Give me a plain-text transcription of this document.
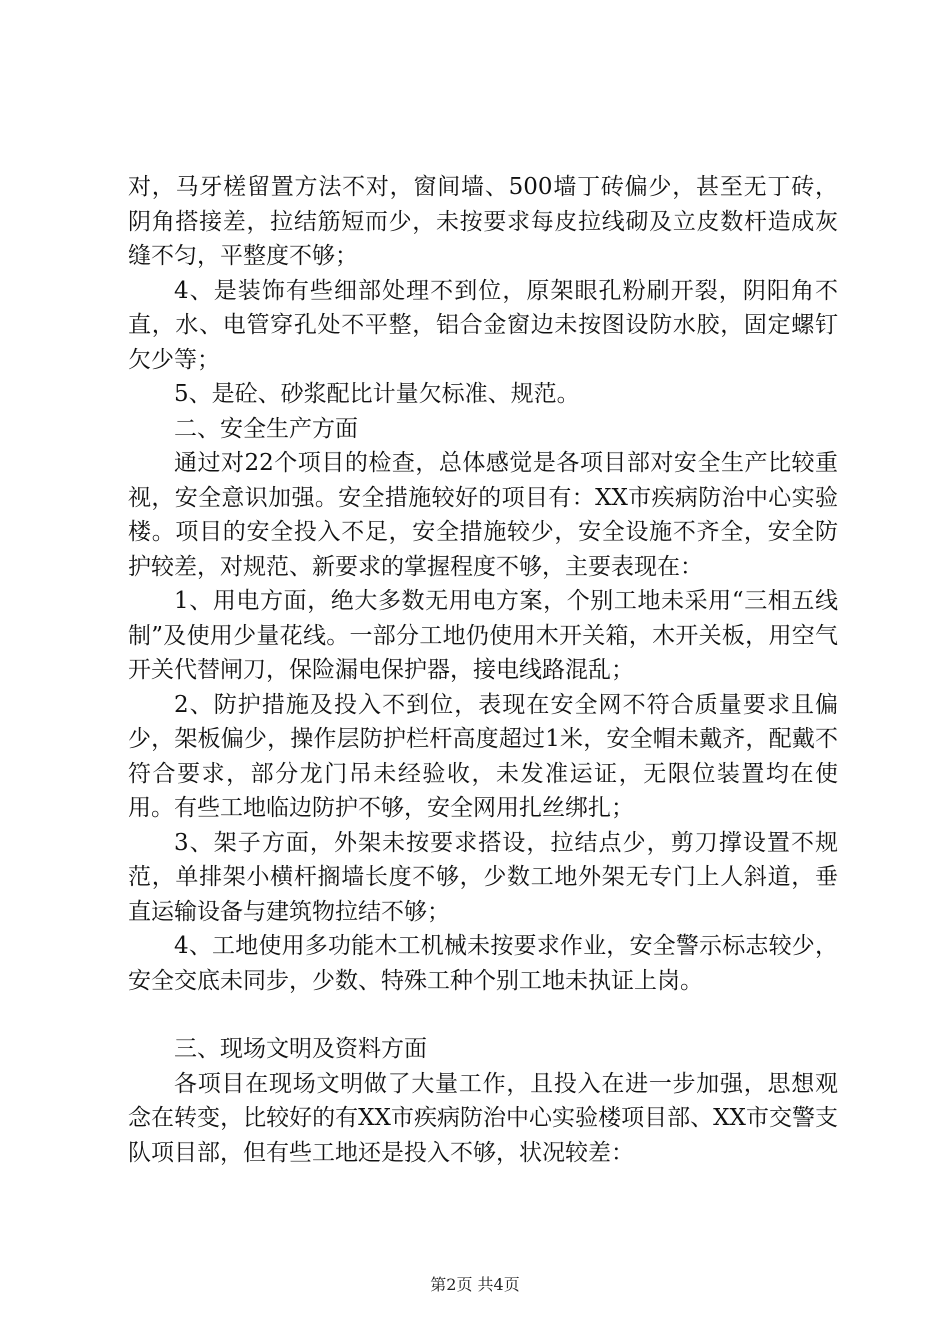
对，马牙槎留置方法不对，窗间墙、500墙丁砖偏少，甚至无丁砖，阴角搭接差，拉结筋短而少，未按要求每皮拉线砌及立皮数杆造成灰缝不匀，平整度不够；

4、是装饰有些细部处理不到位，原架眼孔粉刷开裂，阴阳角不直，水、电管穿孔处不平整，铝合金窗边未按图设防水胶，固定螺钉欠少等；

5、是砼、砂浆配比计量欠标准、规范。

二、安全生产方面

通过对22个项目的检查，总体感觉是各项目部对安全生产比较重视，安全意识加强。安全措施较好的项目有：XX市疾病防治中心实验楼。项目的安全投入不足，安全措施较少，安全设施不齐全，安全防护较差，对规范、新要求的掌握程度不够，主要表现在：

1、用电方面，绝大多数无用电方案，个别工地未采用“三相五线制”及使用少量花线。一部分工地仍使用木开关箱，木开关板，用空气开关代替闸刀，保险漏电保护器，接电线路混乱；

2、防护措施及投入不到位，表现在安全网不符合质量要求且偏少，架板偏少，操作层防护栏杆高度超过1米，安全帽未戴齐，配戴不符合要求，部分龙门吊未经验收，未发准运证，无限位装置均在使用。有些工地临边防护不够，安全网用扎丝绑扎；

3、架子方面，外架未按要求搭设，拉结点少，剪刀撑设置不规范，单排架小横杆搁墙长度不够，少数工地外架无专门上人斜道，垂直运输设备与建筑物拉结不够；

4、工地使用多功能木工机械未按要求作业，安全警示标志较少，安全交底未同步，少数、特殊工种个别工地未执证上岗。

三、现场文明及资料方面

各项目在现场文明做了大量工作，且投入在进一步加强，思想观念在转变，比较好的有XX市疾病防治中心实验楼项目部、XX市交警支队项目部，但有些工地还是投入不够，状况较差：

第2页 共4页
